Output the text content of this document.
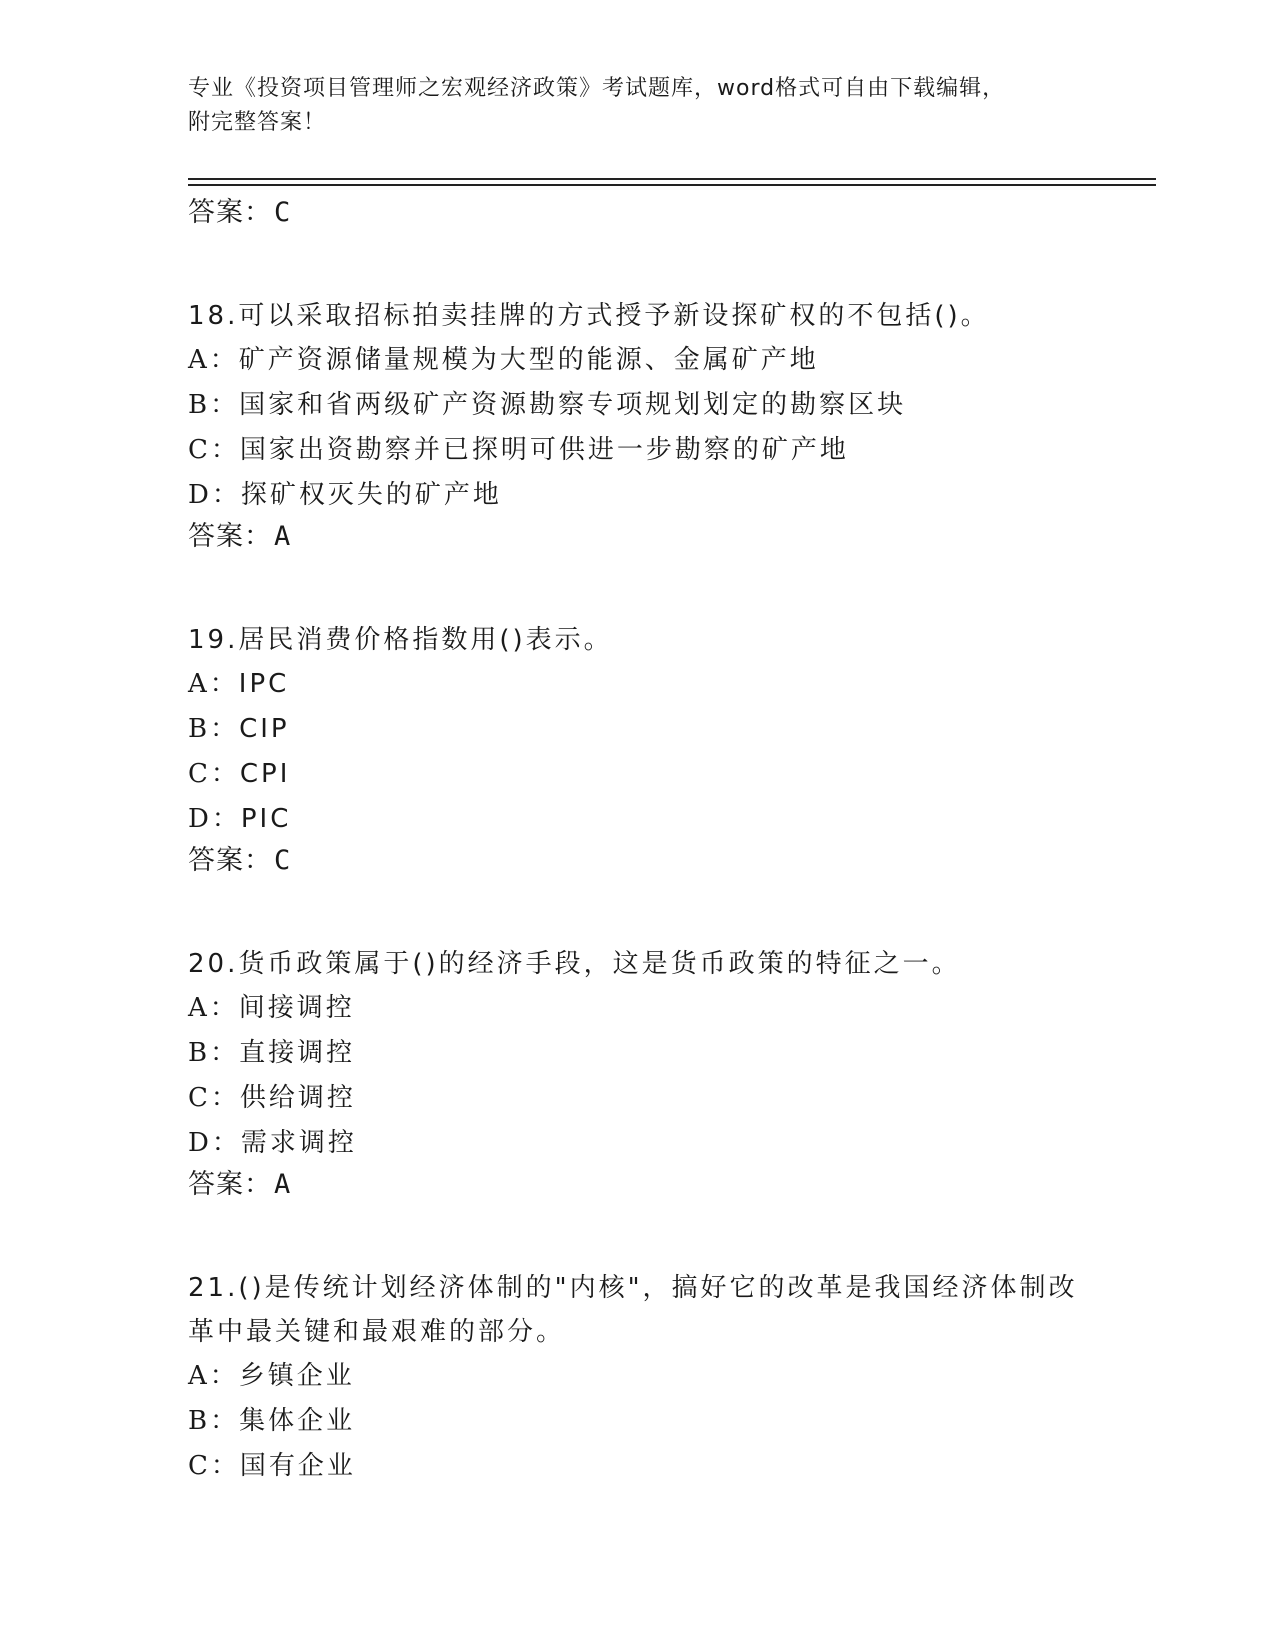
专业《投资项目管理师之宏观经济政策》考试题库，word格式可自由下载编辑，
附完整答案！
答案：C
18.可以采取招标拍卖挂牌的方式授予新设探矿权的不包括()。
A：矿产资源储量规模为大型的能源、金属矿产地
B：国家和省两级矿产资源勘察专项规划划定的勘察区块
C：国家出资勘察并已探明可供进一步勘察的矿产地
D：探矿权灭失的矿产地
答案：A
19.居民消费价格指数用()表示。
A：IPC
B：CIP
C：CPI
D：PIC
答案：C
20.货币政策属于()的经济手段，这是货币政策的特征之一。
A：间接调控
B：直接调控
C：供给调控
D：需求调控
答案：A
21.()是传统计划经济体制的"内核"，搞好它的改革是我国经济体制改
革中最关键和最艰难的部分。
A：乡镇企业
B：集体企业
C：国有企业
